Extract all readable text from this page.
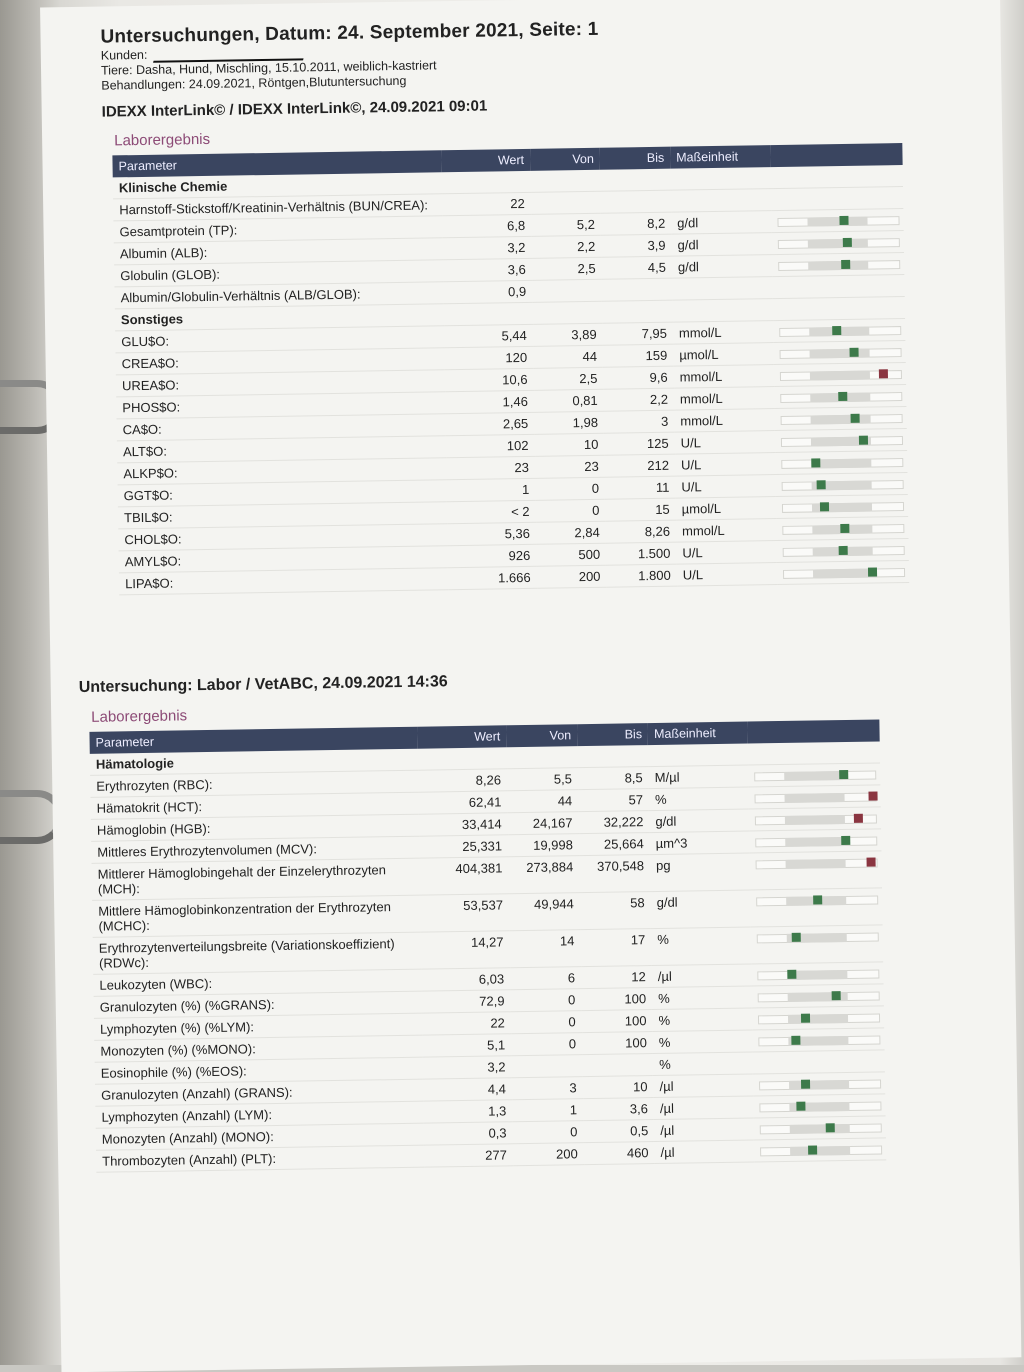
Untersuchungen, Datum: 24. September 2021, Seite: 1
Kunden:
Tiere: Dasha, Hund, Mischling, 15.10.2011, weiblich-kastriert
Behandlungen: 24.09.2021, Röntgen,Blutuntersuchung
IDEXX InterLink© / IDEXX InterLink©, 24.09.2021 09:01
Laborergebnis
Parameter	Wert	Von	Bis	Maßeinheit	
Klinische Chemie					
Harnstoff-Stickstoff/Kreatinin-Verhältnis (BUN/CREA):	22				
Gesamtprotein (TP):	6,8	5,2	8,2	g/dl	

Albumin (ALB):	3,2	2,2	3,9	g/dl	

Globulin (GLOB):	3,6	2,5	4,5	g/dl	

Albumin/Globulin-Verhältnis (ALB/GLOB):	0,9				
Sonstiges					
GLU$O:	5,44	3,89	7,95	mmol/L	

CREA$O:	120	44	159	µmol/L	

UREA$O:	10,6	2,5	9,6	mmol/L	

PHOS$O:	1,46	0,81	2,2	mmol/L	

CA$O:	2,65	1,98	3	mmol/L	

ALT$O:	102	10	125	U/L	

ALKP$O:	23	23	212	U/L	

GGT$O:	1	0	11	U/L	

TBIL$O:	< 2	0	15	µmol/L	

CHOL$O:	5,36	2,84	8,26	mmol/L	

AMYL$O:	926	500	1.500	U/L	

LIPA$O:	1.666	200	1.800	U/L	
Untersuchung: Labor / VetABC, 24.09.2021 14:36
Laborergebnis
Parameter	Wert	Von	Bis	Maßeinheit	
Hämatologie					
Erythrozyten (RBC):	8,26	5,5	8,5	M/µl	

Hämatokrit (HCT):	62,41	44	57	%	

Hämoglobin (HGB):	33,414	24,167	32,222	g/dl	

Mittleres Erythrozytenvolumen (MCV):	25,331	19,998	25,664	µm^3	

Mittlerer Hämoglobingehalt der Einzelerythrozyten (MCH):	404,381	273,884	370,548	pg	

Mittlere Hämoglobinkonzentration der Erythrozyten (MCHC):	53,537	49,944	58	g/dl	

Erythrozytenverteilungsbreite (Variationskoeffizient) (RDWc):	14,27	14	17	%	

Leukozyten (WBC):	6,03	6	12	/µl	

Granulozyten (%) (%GRANS):	72,9	0	100	%	

Lymphozyten (%) (%LYM):	22	0	100	%	

Monozyten (%) (%MONO):	5,1	0	100	%	

Eosinophile (%) (%EOS):	3,2			%	
Granulozyten (Anzahl) (GRANS):	4,4	3	10	/µl	

Lymphozyten (Anzahl) (LYM):	1,3	1	3,6	/µl	

Monozyten (Anzahl) (MONO):	0,3	0	0,5	/µl	

Thrombozyten (Anzahl) (PLT):	277	200	460	/µl	
